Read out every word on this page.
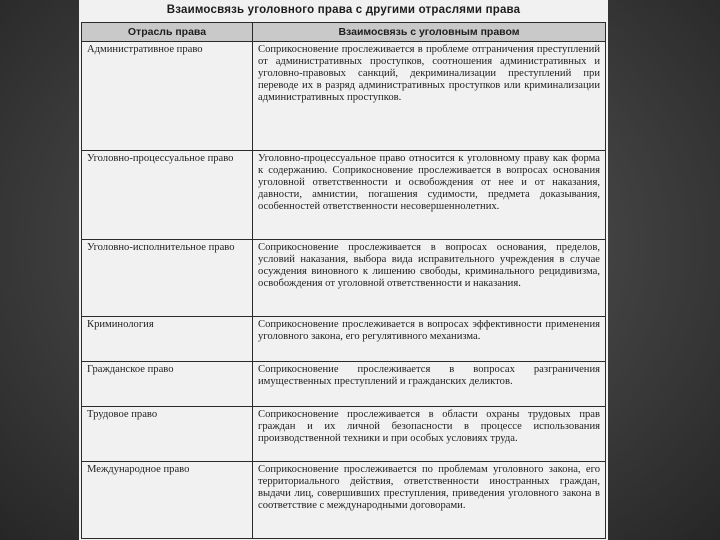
Взаимосвязь уголовного права с другими отраслями права
Отрасль права	Взаимосвязь с уголовным правом
Административное право	Соприкосновение прослеживается в проблеме отграничения преступлений от административных проступков, соотношения административных и уголовно-правовых санкций, декриминализации преступлений при переводе их в разряд административных проступков или криминализации административных проступков.
Уголовно-процессуальное право	Уголовно-процессуальное право относится к уголовному праву как форма к содержанию. Соприкосновение прослеживается в вопросах основания уголовной ответственности и освобождения от нее и от наказания, давности, амнистии, погашения судимости, предмета доказывания, особенностей ответственности несовершеннолетних.
Уголовно-исполнительное право	Соприкосновение прослеживается в вопросах основания, пределов, условий наказания, выбора вида исправительного учреждения в случае осуждения виновного к лишению свободы, криминального рецидивизма, освобождения от уголовной ответственности и наказания.
Криминология	Соприкосновение прослеживается в вопросах эффективности применения уголовного закона, его регулятивного механизма.
Гражданское право	Соприкосновение прослеживается в вопросах разграничения имущественных преступлений и гражданских деликтов.
Трудовое право	Соприкосновение прослеживается в области охраны трудовых прав граждан и их личной безопасности в процессе использования производственной техники и при особых условиях труда.
Международное право	Соприкосновение прослеживается по проблемам уголовного закона, его территориального действия, ответственности иностранных граждан, выдачи лиц, совершивших преступления, приведения уголовного закона в соответствие с международными договорами.
